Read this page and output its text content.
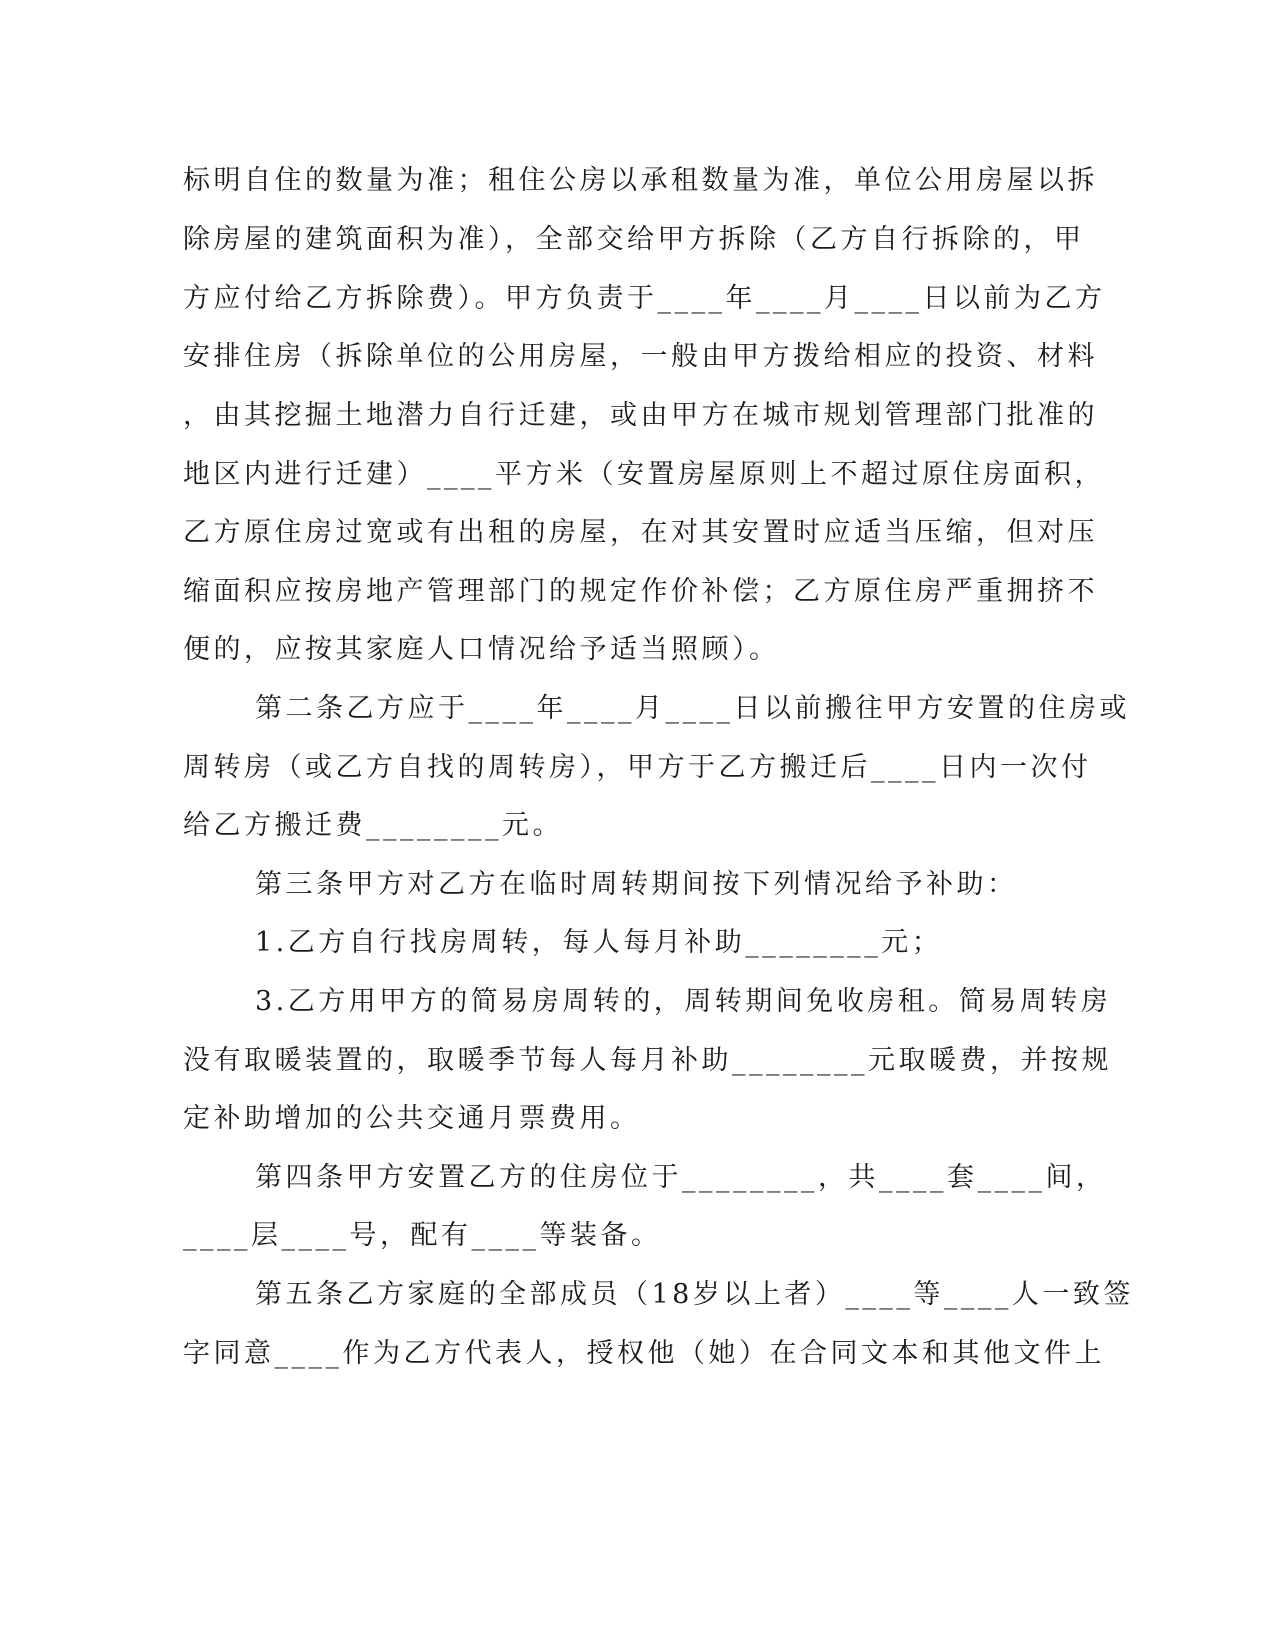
标明自住的数量为准；租住公房以承租数量为准，单位公用房屋以拆
除房屋的建筑面积为准），全部交给甲方拆除（乙方自行拆除的，甲
方应付给乙方拆除费）。甲方负责于____年____月____日以前为乙方
安排住房（拆除单位的公用房屋，一般由甲方拨给相应的投资、材料
，由其挖掘土地潜力自行迁建，或由甲方在城市规划管理部门批准的
地区内进行迁建）____平方米（安置房屋原则上不超过原住房面积，
乙方原住房过宽或有出租的房屋，在对其安置时应适当压缩，但对压
缩面积应按房地产管理部门的规定作价补偿；乙方原住房严重拥挤不
便的，应按其家庭人口情况给予适当照顾）。
第二条乙方应于____年____月____日以前搬往甲方安置的住房或
周转房（或乙方自找的周转房），甲方于乙方搬迁后____日内一次付
给乙方搬迁费________元。
第三条甲方对乙方在临时周转期间按下列情况给予补助：
1.乙方自行找房周转，每人每月补助________元；
3.乙方用甲方的简易房周转的，周转期间免收房租。简易周转房
没有取暖装置的，取暖季节每人每月补助________元取暖费，并按规
定补助增加的公共交通月票费用。
第四条甲方安置乙方的住房位于________，共____套____间，
____层____号，配有____等装备。
第五条乙方家庭的全部成员（18岁以上者）____等____人一致签
字同意____作为乙方代表人，授权他（她）在合同文本和其他文件上
